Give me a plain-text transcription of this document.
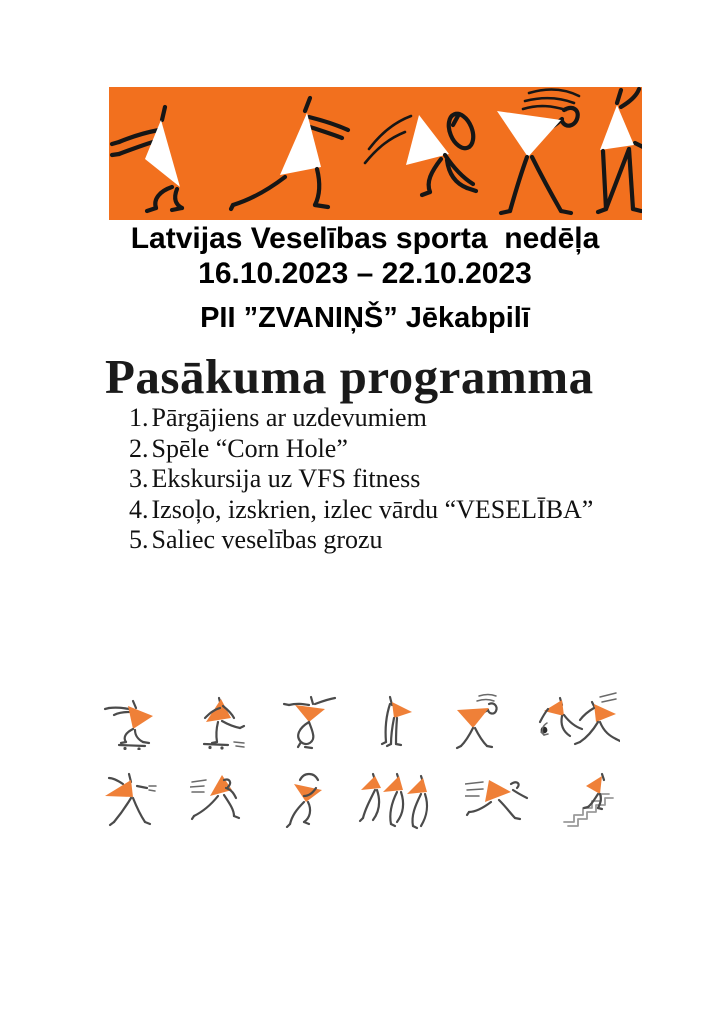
Latvijas Veselības sporta  nedēļa
16.10.2023 – 22.10.2023
PII ”ZVANIŅŠ” Jēkabpilī
Pasākuma programma
1. Pārgājiens ar uzdevumiem
2. Spēle “Corn Hole”
3. Ekskursija uz VFS fitness
4. Izsoļo, izskrien, izlec vārdu “VESELĪBA”
5. Saliec veselības grozu
